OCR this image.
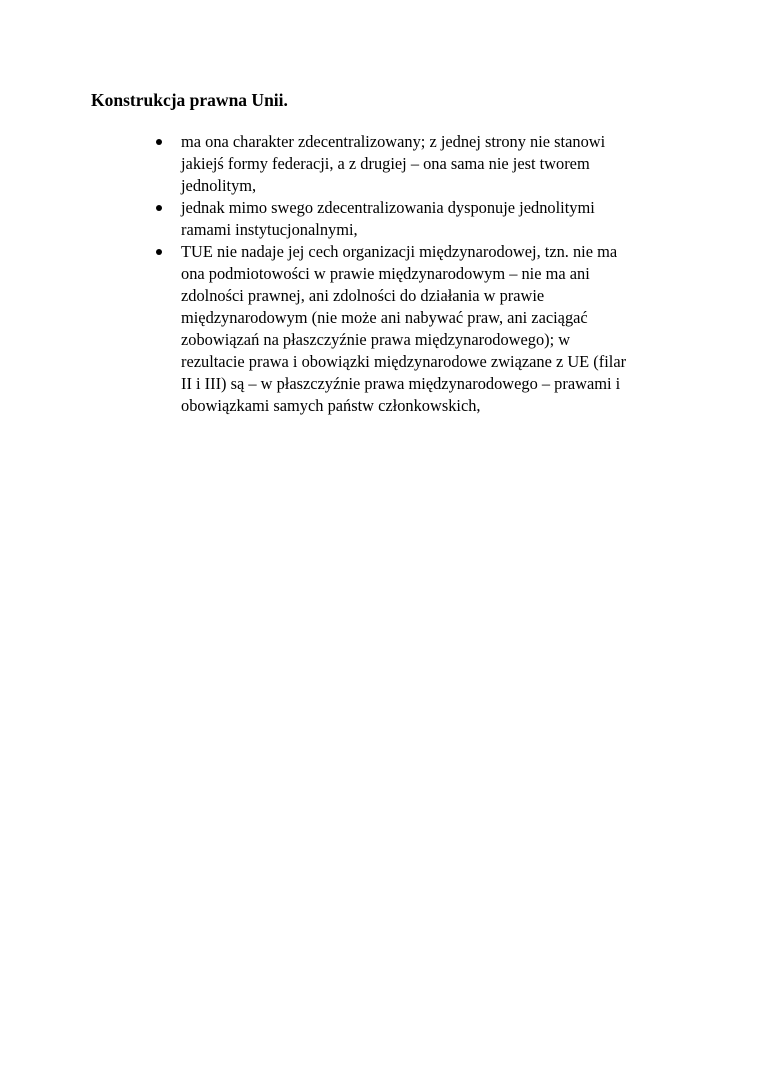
Konstrukcja prawna Unii.
ma ona charakter zdecentralizowany; z jednej strony nie stanowi
jakiejś formy federacji, a z drugiej – ona sama nie jest tworem
jednolitym,
jednak mimo swego zdecentralizowania dysponuje jednolitymi
ramami instytucjonalnymi,
TUE nie nadaje jej cech organizacji międzynarodowej, tzn. nie ma
ona podmiotowości w prawie międzynarodowym – nie ma ani
zdolności prawnej, ani zdolności do działania w prawie
międzynarodowym (nie może ani nabywać praw, ani zaciągać
zobowiązań na płaszczyźnie prawa międzynarodowego); w
rezultacie prawa i obowiązki międzynarodowe związane z UE (filar
II i III) są – w płaszczyźnie prawa międzynarodowego – prawami i
obowiązkami samych państw członkowskich,
